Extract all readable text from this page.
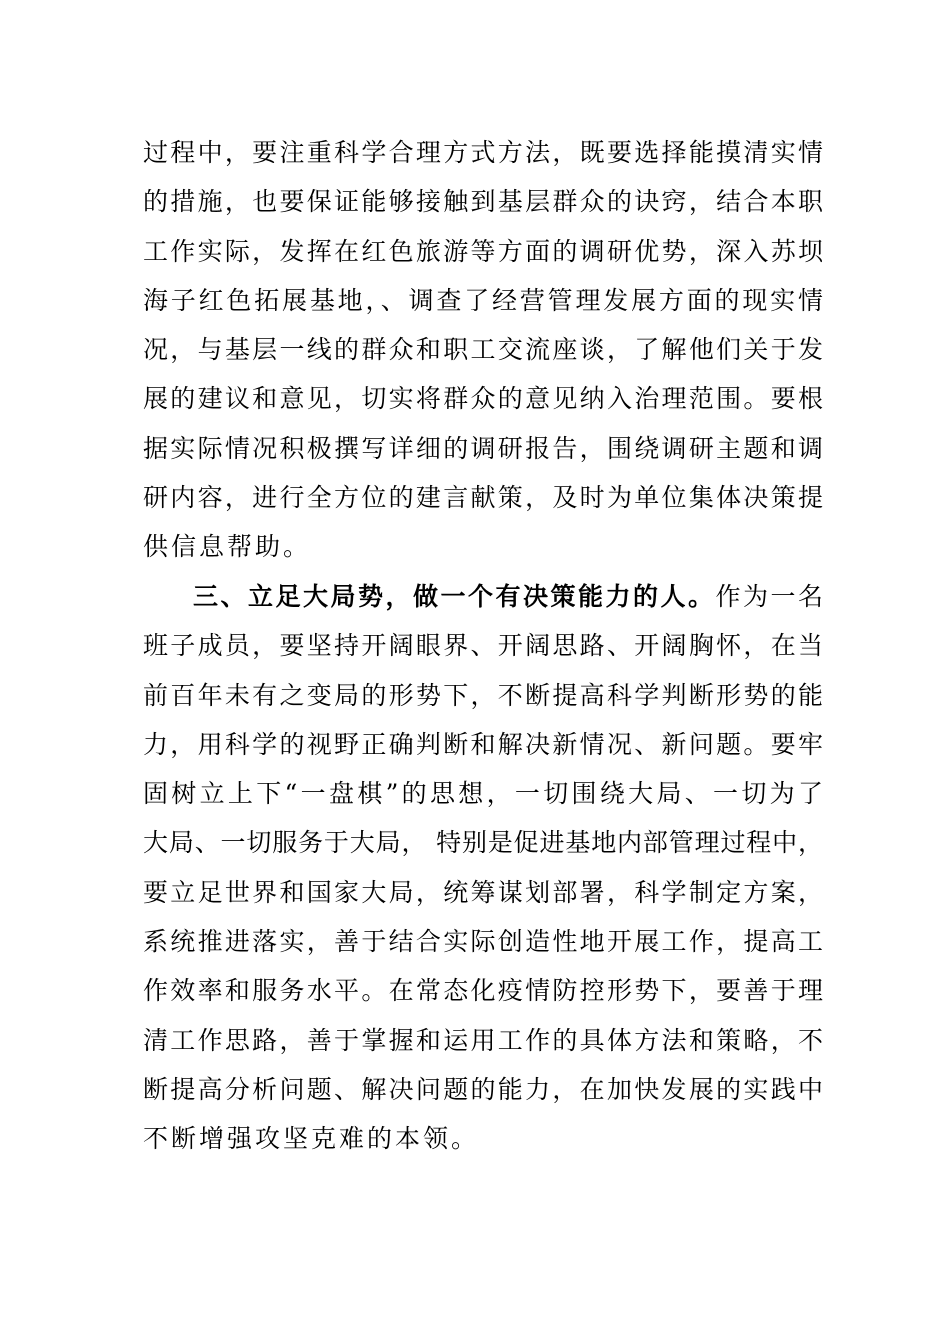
过程中，要注重科学合理方式方法，既要选择能摸清实情
的措施，也要保证能够接触到基层群众的诀窍，结合本职
工作实际，发挥在红色旅游等方面的调研优势，深入苏坝
海子红色拓展基地，、调查了经营管理发展方面的现实情
况，与基层一线的群众和职工交流座谈，了解他们关于发
展的建议和意见，切实将群众的意见纳入治理范围。要根
据实际情况积极撰写详细的调研报告，围绕调研主题和调
研内容，进行全方位的建言献策，及时为单位集体决策提
供信息帮助。
三、立足大局势，做一个有决策能力的人。作为一名
班子成员，要坚持开阔眼界、开阔思路、开阔胸怀，在当
前百年未有之变局的形势下，不断提高科学判断形势的能
力，用科学的视野正确判断和解决新情况、新问题。要牢
固树立上下“一盘棋”的思想，一切围绕大局、一切为了
大局、一切服务于大局， 特别是促进基地内部管理过程中，
要立足世界和国家大局，统筹谋划部署，科学制定方案，
系统推进落实，善于结合实际创造性地开展工作，提高工
作效率和服务水平。在常态化疫情防控形势下，要善于理
清工作思路，善于掌握和运用工作的具体方法和策略，不
断提高分析问题、解决问题的能力，在加快发展的实践中
不断增强攻坚克难的本领。
